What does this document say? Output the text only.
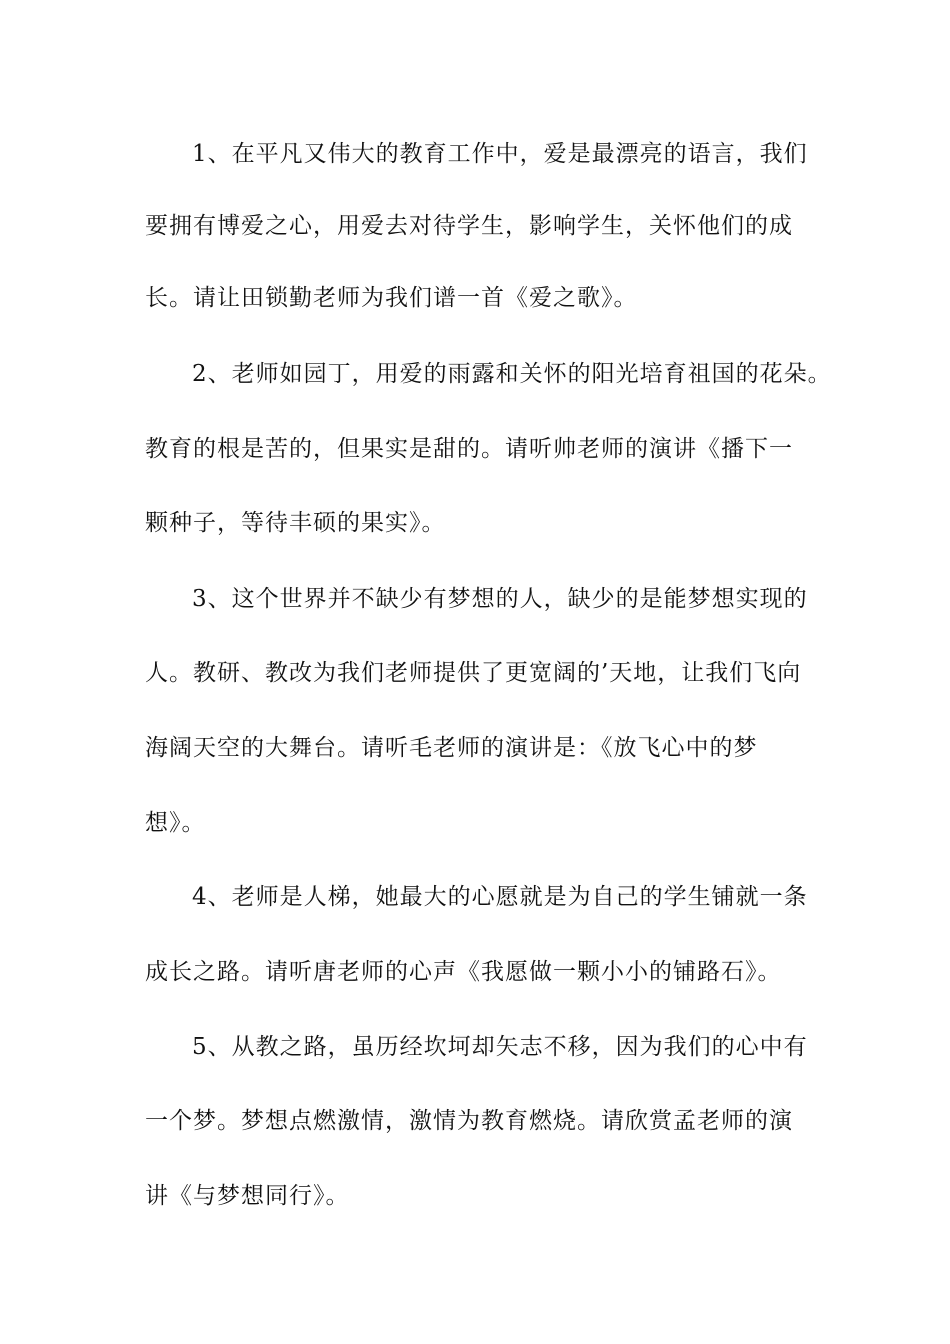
1、在平凡又伟大的教育工作中，爱是最漂亮的语言，我们
要拥有博爱之心，用爱去对待学生，影响学生，关怀他们的成
长。请让田锁勤老师为我们谱一首《爱之歌》。
2、老师如园丁，用爱的雨露和关怀的阳光培育祖国的花朵。
教育的根是苦的，但果实是甜的。请听帅老师的演讲《播下一
颗种子，等待丰硕的果实》。
3、这个世界并不缺少有梦想的人，缺少的是能梦想实现的
人。教研、教改为我们老师提供了更宽阔的’天地，让我们飞向
海阔天空的大舞台。请听毛老师的演讲是：《放飞心中的梦
想》。
4、老师是人梯，她最大的心愿就是为自己的学生铺就一条
成长之路。请听唐老师的心声《我愿做一颗小小的铺路石》。
5、从教之路，虽历经坎坷却矢志不移，因为我们的心中有
一个梦。梦想点燃激情，激情为教育燃烧。请欣赏孟老师的演
讲《与梦想同行》。
